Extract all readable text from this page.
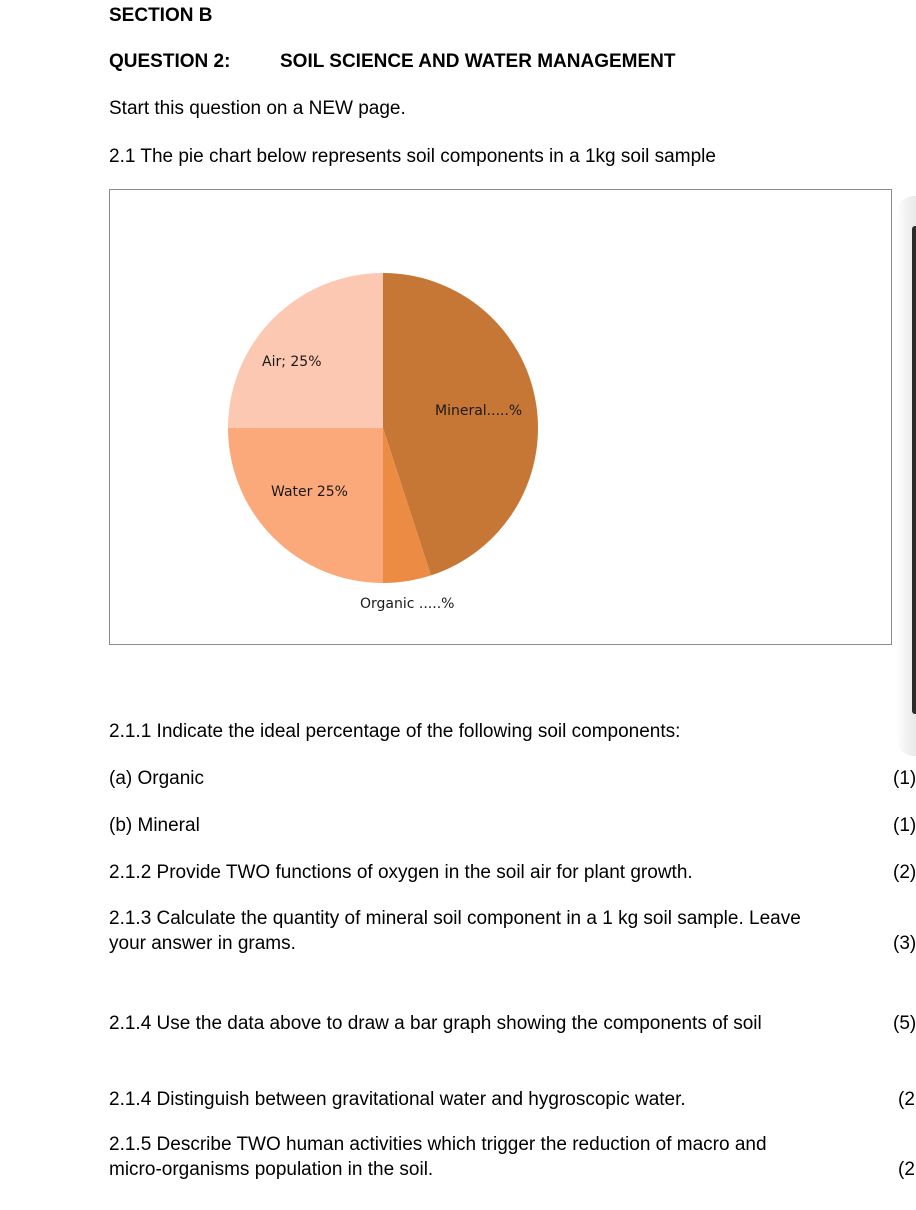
SECTION B
QUESTION 2:	SOIL SCIENCE AND WATER MANAGEMENT
Start this question on a NEW page.
2.1 The pie chart below represents soil components in a 1kg soil sample
Mineral.....%
Organic .....%
Water 25%
Air; 25%
2.1.1 Indicate the ideal percentage of the following soil components:
(a) Organic	(1)
(b) Mineral	(1)
2.1.2 Provide TWO functions of oxygen in the soil air for plant growth.	(2)
2.1.3 Calculate the quantity of mineral soil component in a 1 kg soil sample. Leave
your answer in grams.	(3)
2.1.4 Use the data above to draw a bar graph showing the components of soil	(5)
2.1.4 Distinguish between gravitational water and hygroscopic water.	(2
2.1.5 Describe TWO human activities which trigger the reduction of macro and
micro-organisms population in the soil.	(2
